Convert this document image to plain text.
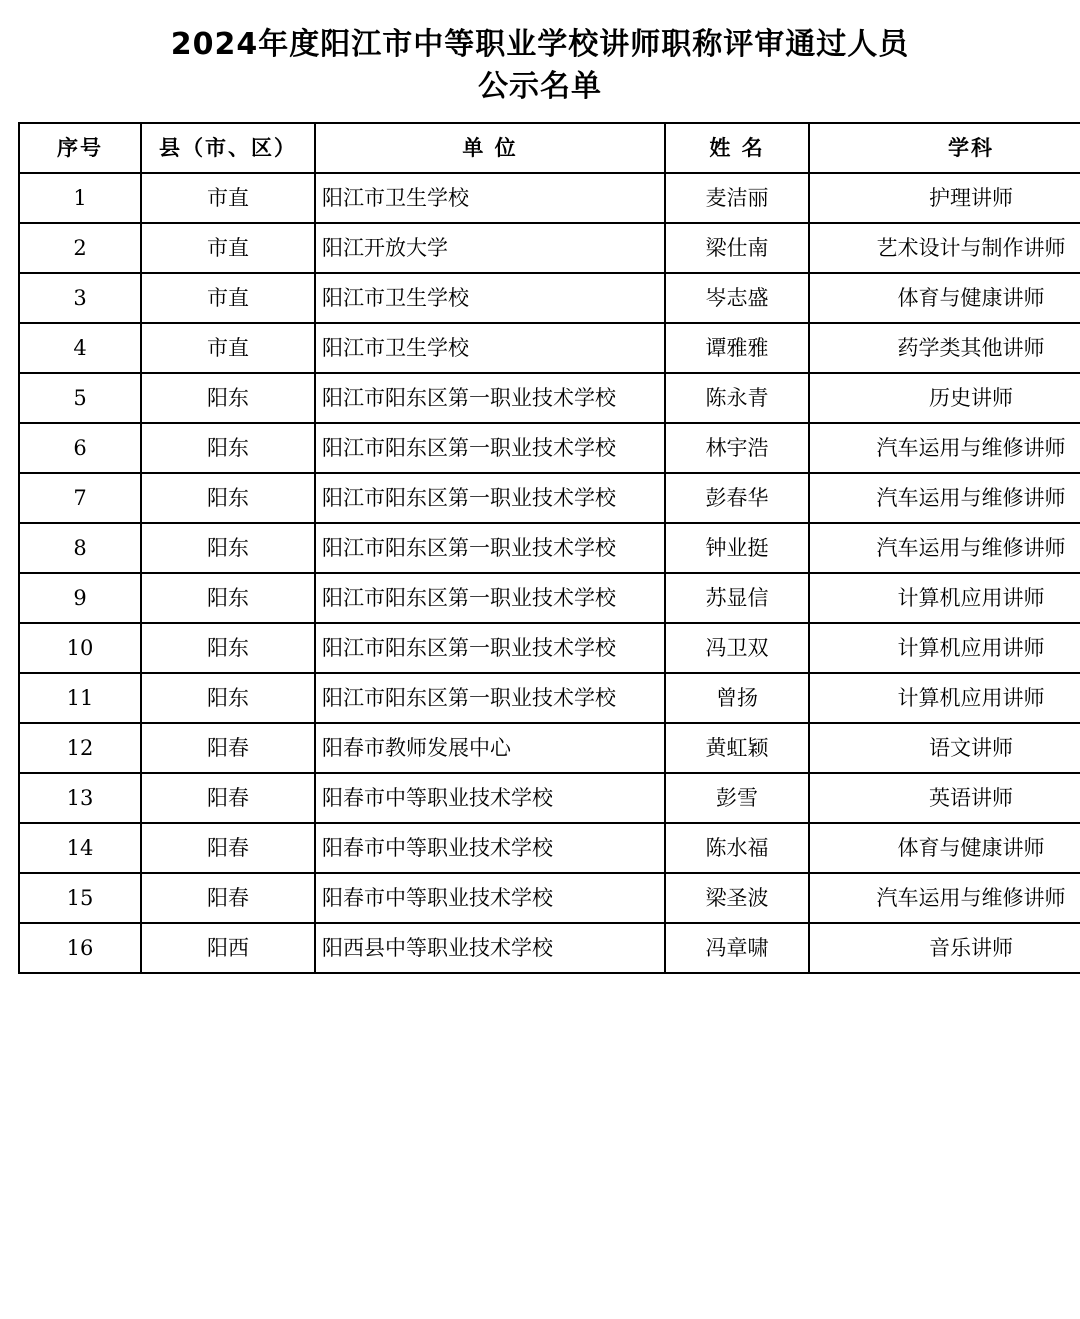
2024年度阳江市中等职业学校讲师职称评审通过人员
公示名单
序号	县（市、区）	单 位	姓 名	学科
1	市直	阳江市卫生学校	麦洁丽	护理讲师
2	市直	阳江开放大学	梁仕南	艺术设计与制作讲师
3	市直	阳江市卫生学校	岑志盛	体育与健康讲师
4	市直	阳江市卫生学校	谭雅雅	药学类其他讲师
5	阳东	阳江市阳东区第一职业技术学校	陈永青	历史讲师
6	阳东	阳江市阳东区第一职业技术学校	林宇浩	汽车运用与维修讲师
7	阳东	阳江市阳东区第一职业技术学校	彭春华	汽车运用与维修讲师
8	阳东	阳江市阳东区第一职业技术学校	钟业挺	汽车运用与维修讲师
9	阳东	阳江市阳东区第一职业技术学校	苏显信	计算机应用讲师
10	阳东	阳江市阳东区第一职业技术学校	冯卫双	计算机应用讲师
11	阳东	阳江市阳东区第一职业技术学校	曾扬	计算机应用讲师
12	阳春	阳春市教师发展中心	黄虹颖	语文讲师
13	阳春	阳春市中等职业技术学校	彭雪	英语讲师
14	阳春	阳春市中等职业技术学校	陈水福	体育与健康讲师
15	阳春	阳春市中等职业技术学校	梁圣波	汽车运用与维修讲师
16	阳西	阳西县中等职业技术学校	冯章啸	音乐讲师
